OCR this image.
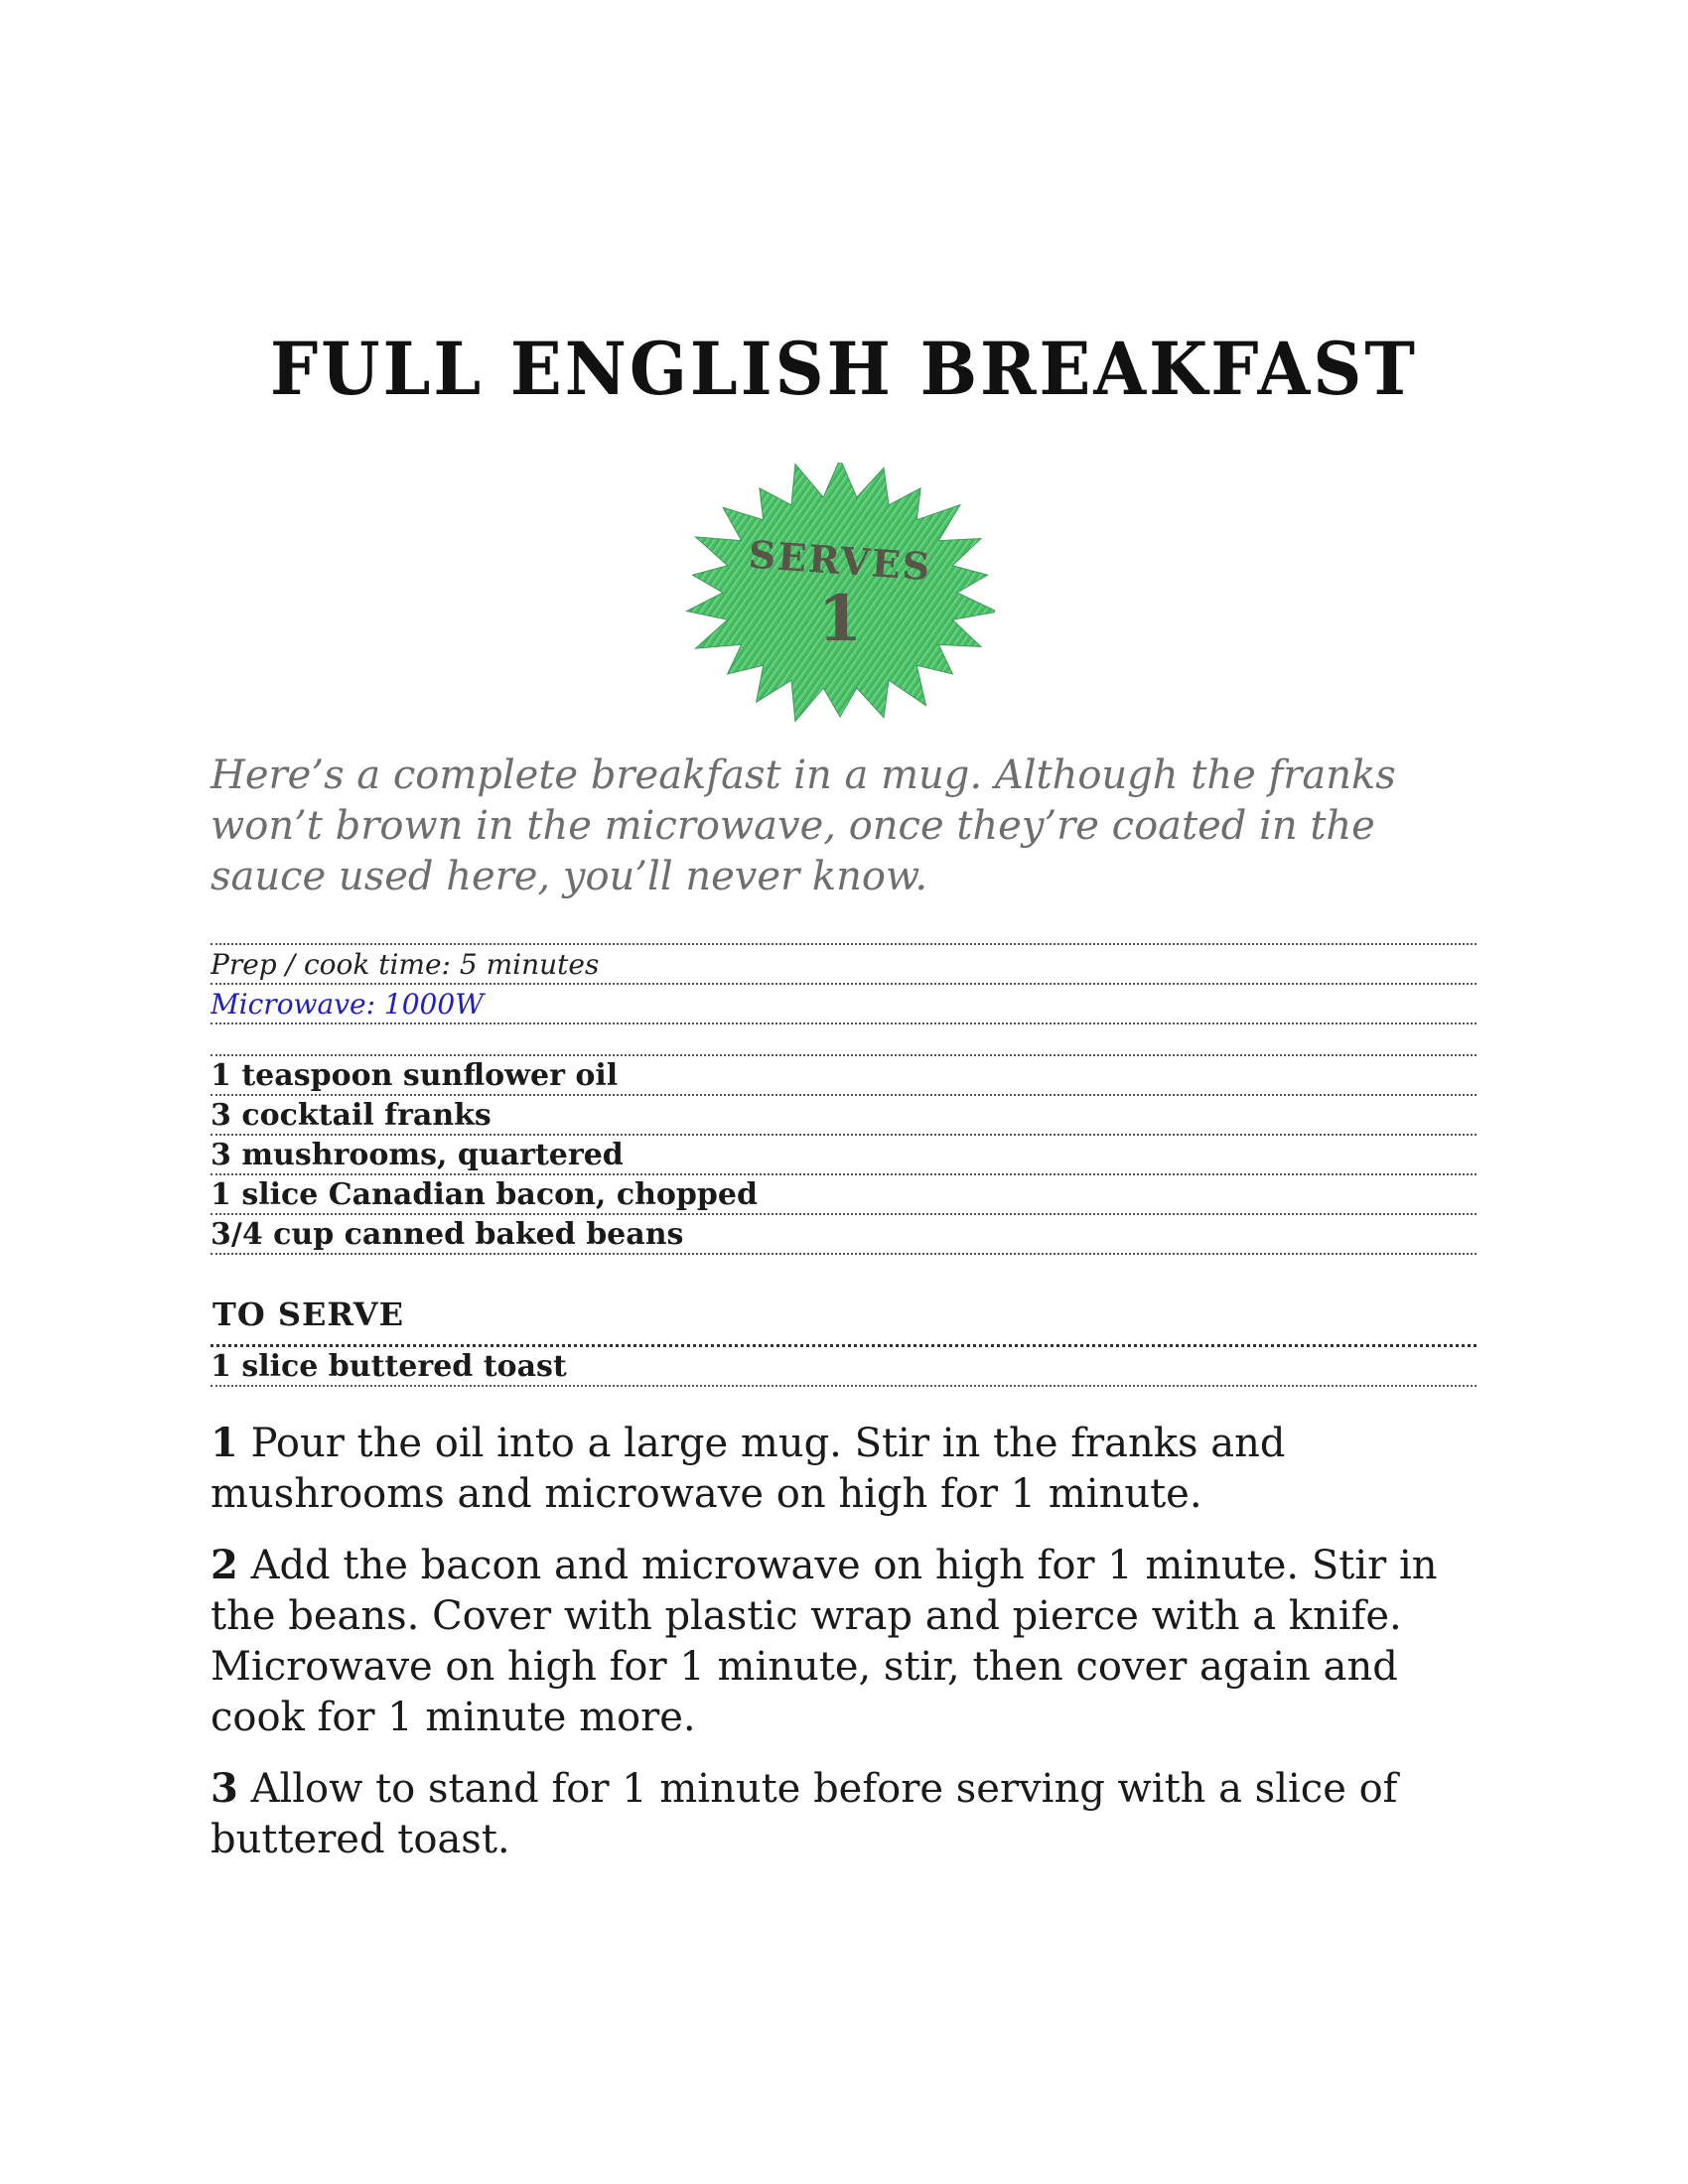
FULL ENGLISH BREAKFAST
SERVES
1

Here’s a complete breakfast in a mug. Although the franks won’t brown in the microwave, once they’re coated in the sauce used here, you’ll never know.

Prep / cook time: 5 minutes
Microwave: 1000W
1 teaspoon sunflower oil
3 cocktail franks
3 mushrooms, quartered
1 slice Canadian bacon, chopped
3/4 cup canned baked beans
TO SERVE
1 slice buttered toast

1 Pour the oil into a large mug. Stir in the franks and mushrooms and microwave on high for 1 minute.

2 Add the bacon and microwave on high for 1 minute. Stir in the beans. Cover with plastic wrap and pierce with a knife. Microwave on high for 1 minute, stir, then cover again and cook for 1 minute more.

3 Allow to stand for 1 minute before serving with a slice of buttered toast.
